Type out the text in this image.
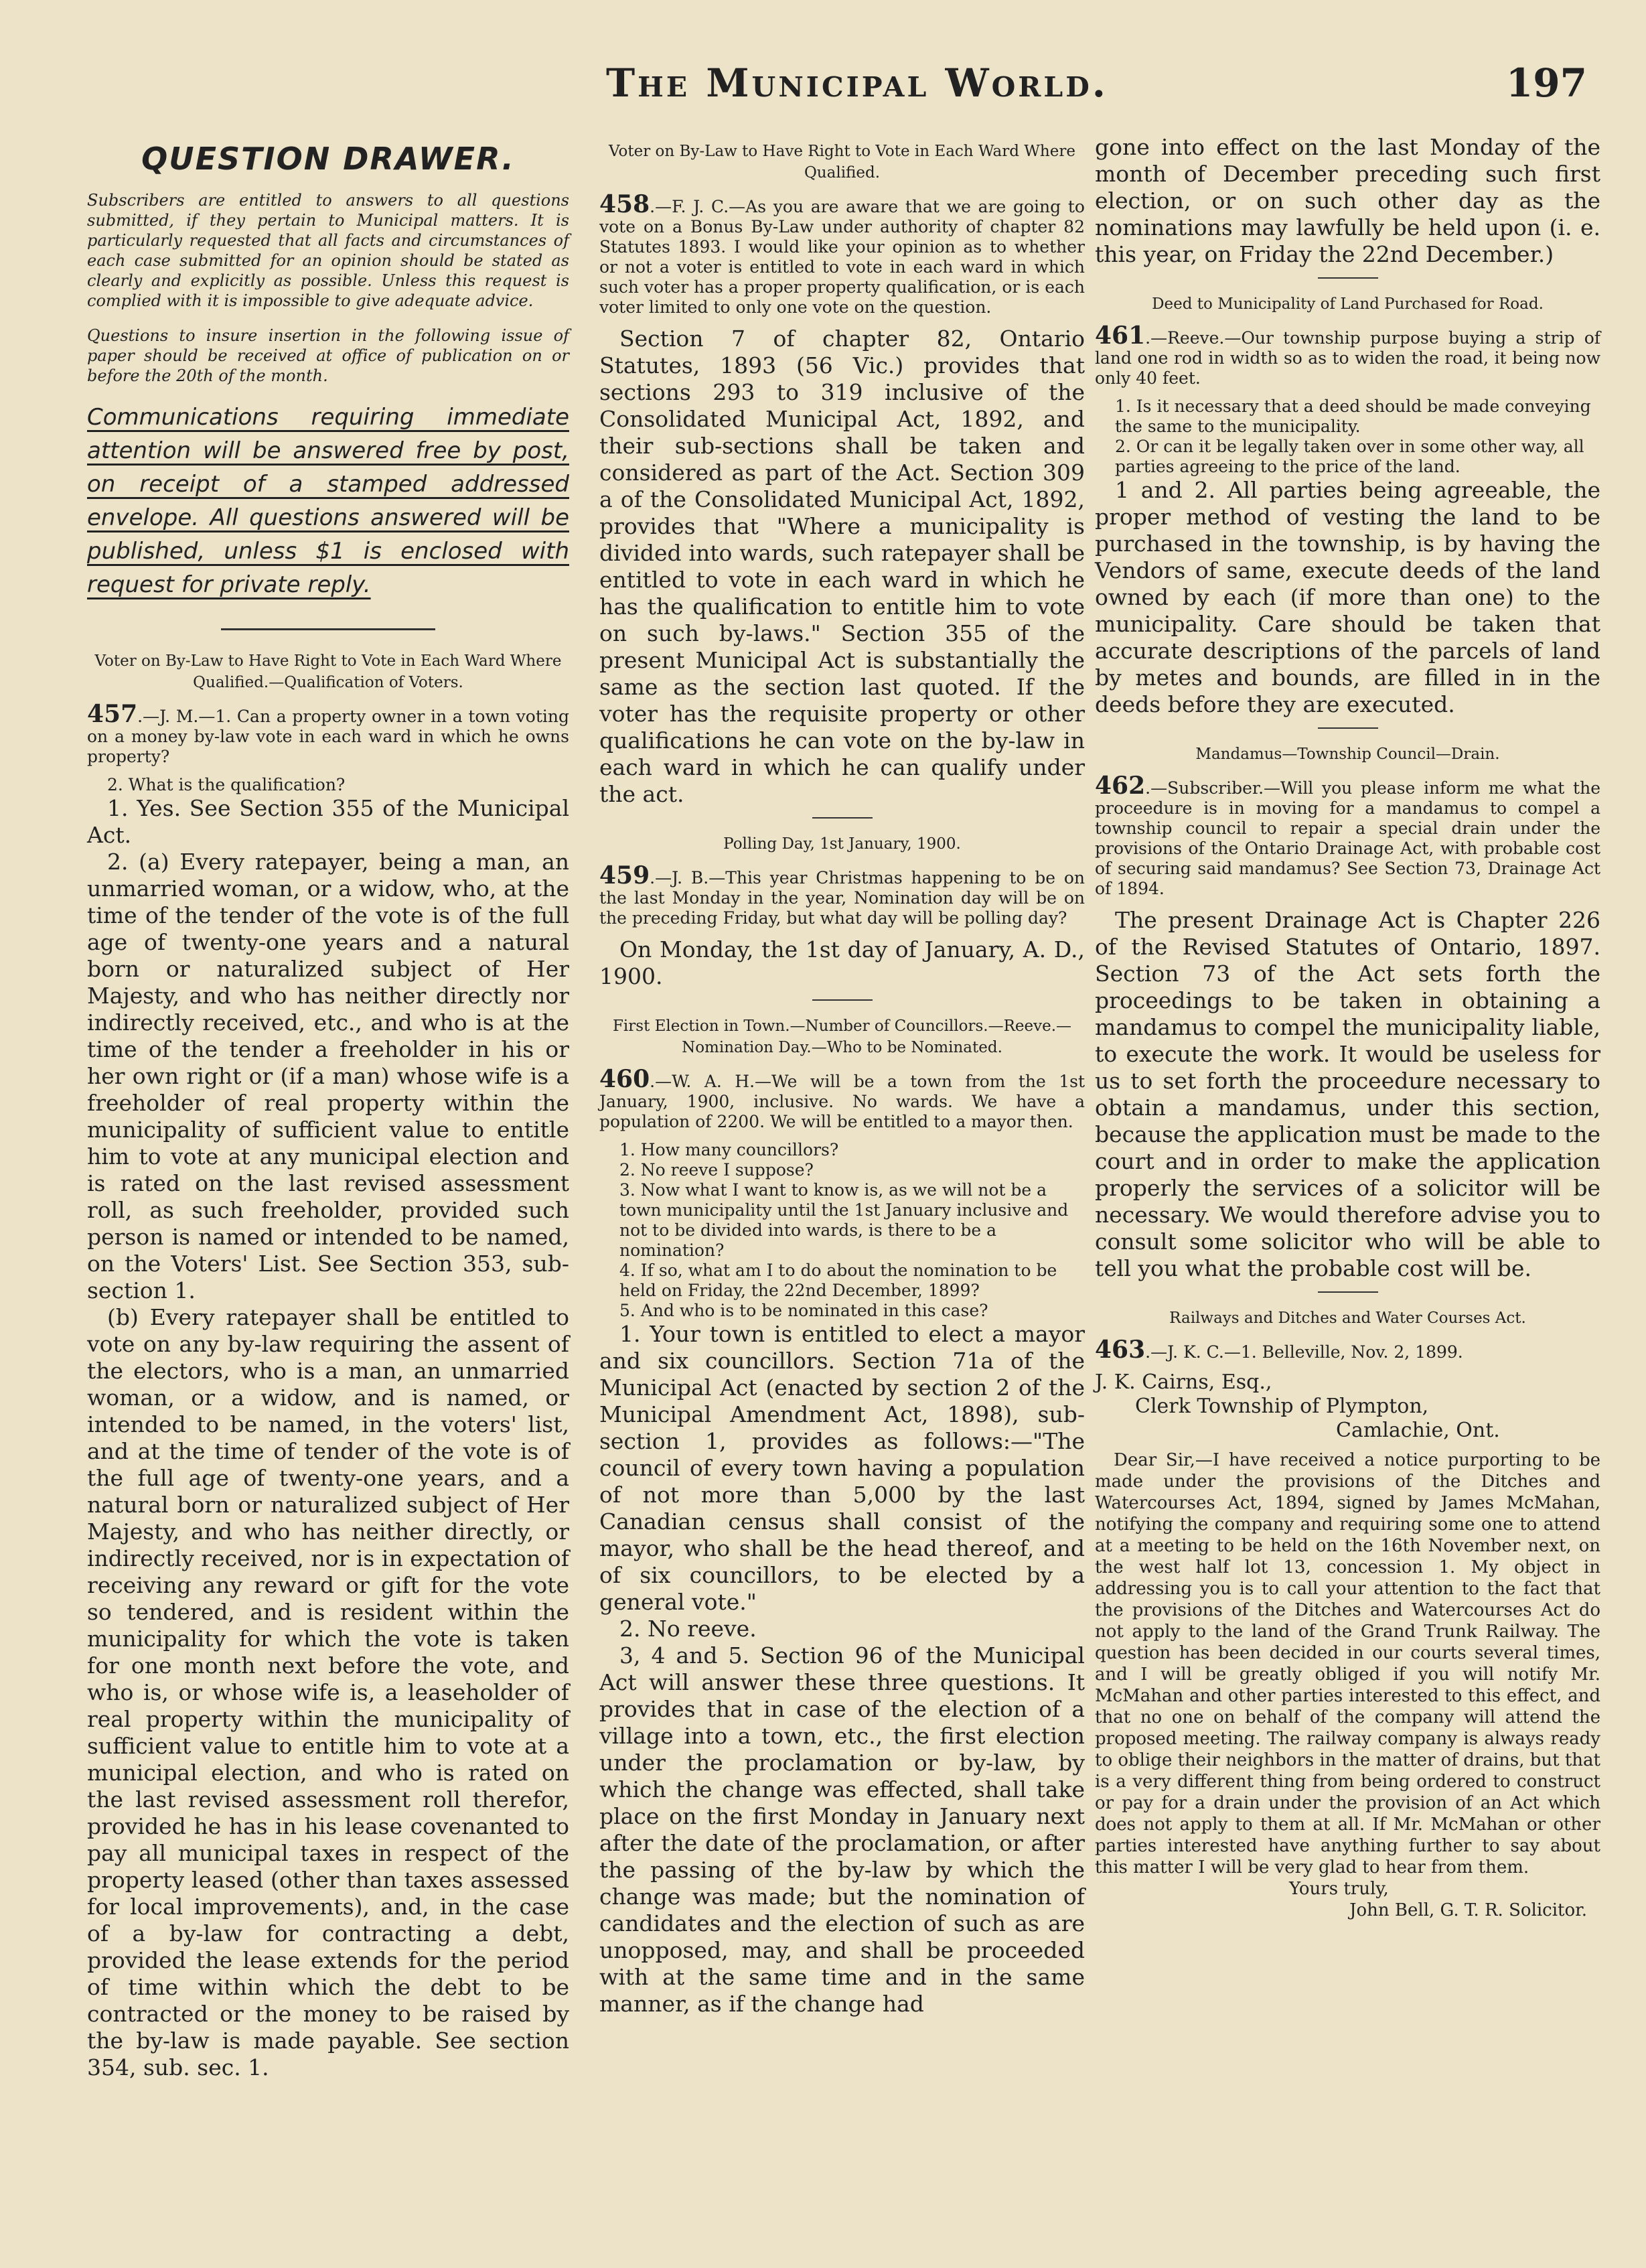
The Municipal World.	197
QUESTION DRAWER.

Subscribers are entitled to answers to all questions submitted, if they pertain to Municipal matters. It is particularly requested that all facts and circumstances of each case submitted for an opinion should be stated as clearly and explicitly as possible. Unless this request is complied with it is impossible to give adequate advice.

Questions to insure insertion in the following issue of paper should be received at office of publication on or before the 20th of the month.

Communications requiring immediate attention will be answered free by post, on receipt of a stamped addressed envelope. All questions answered will be published, unless $1 is enclosed with request for private reply.

Voter on By-Law to Have Right to Vote in Each Ward Where Qualified.—Qualification of Voters.

457.—J. M.—1. Can a property owner in a town voting on a money by-law vote in each ward in which he owns property?

2. What is the qualification?

1. Yes. See Section 355 of the Municipal Act.

2. (a) Every ratepayer, being a man, an unmarried woman, or a widow, who, at the time of the tender of the vote is of the full age of twenty-one years and a natural born or naturalized subject of Her Majesty, and who has neither directly nor indirectly received, etc., and who is at the time of the tender a freeholder in his or her own right or (if a man) whose wife is a freeholder of real property within the municipality of sufficient value to entitle him to vote at any municipal election and is rated on the last revised assessment roll, as such freeholder, provided such person is named or intended to be named, on the Voters' List. See Section 353, sub-section 1.

(b) Every ratepayer shall be entitled to vote on any by-law requiring the assent of the electors, who is a man, an unmarried woman, or a widow, and is named, or intended to be named, in the voters' list, and at the time of tender of the vote is of the full age of twenty-one years, and a natural born or naturalized subject of Her Majesty, and who has neither directly, or indirectly received, nor is in expectation of receiving any reward or gift for the vote so tendered, and is resident within the municipality for which the vote is taken for one month next before the vote, and who is, or whose wife is, a leaseholder of real property within the municipality of sufficient value to entitle him to vote at a municipal election, and who is rated on the last revised assessment roll therefor, provided he has in his lease covenanted to pay all municipal taxes in respect of the property leased (other than taxes assessed for local improvements), and, in the case of a by-law for contracting a debt, provided the lease extends for the period of time within which the debt to be contracted or the money to be raised by the by-law is made payable. See section 354, sub. sec. 1.

Voter on By-Law to Have Right to Vote in Each Ward Where Qualified.

458.—F. J. C.—As you are aware that we are going to vote on a Bonus By-Law under authority of chapter 82 Statutes 1893. I would like your opinion as to whether or not a voter is entitled to vote in each ward in which such voter has a proper property qualification, or is each voter limited to only one vote on the question.

Section 7 of chapter 82, Ontario Statutes, 1893 (56 Vic.) provides that sections 293 to 319 inclusive of the Consolidated Municipal Act, 1892, and their sub-sections shall be taken and considered as part of the Act. Section 309 a of the Consolidated Municipal Act, 1892, provides that "Where a municipality is divided into wards, such ratepayer shall be entitled to vote in each ward in which he has the qualification to entitle him to vote on such by-laws." Section 355 of the present Municipal Act is substantially the same as the section last quoted. If the voter has the requisite property or other qualifications he can vote on the by-law in each ward in which he can qualify under the act.

Polling Day, 1st January, 1900.

459.—J. B.—This year Christmas happening to be on the last Monday in the year, Nomination day will be on the preceding Friday, but what day will be polling day?

On Monday, the 1st day of January, A. D., 1900.

First Election in Town.—Number of Councillors.—Reeve.—Nomination Day.—Who to be Nominated.

460.—W. A. H.—We will be a town from the 1st January, 1900, inclusive. No wards. We have a population of 2200. We will be entitled to a mayor then.

1. How many councillors?

2. No reeve I suppose?

3. Now what I want to know is, as we will not be a town municipality until the 1st January inclusive and not to be divided into wards, is there to be a nomination?

4. If so, what am I to do about the nomination to be held on Friday, the 22nd December, 1899?

5. And who is to be nominated in this case?

1. Your town is entitled to elect a mayor and six councillors. Section 71a of the Municipal Act (enacted by section 2 of the Municipal Amendment Act, 1898), sub-section 1, provides as follows:—"The council of every town having a population of not more than 5,000 by the last Canadian census shall consist of the mayor, who shall be the head thereof, and of six councillors, to be elected by a general vote."

2. No reeve.

3, 4 and 5. Section 96 of the Municipal Act will answer these three questions. It provides that in case of the election of a village into a town, etc., the first election under the proclamation or by-law, by which the change was effected, shall take place on the first Monday in January next after the date of the proclamation, or after the passing of the by-law by which the change was made; but the nomination of candidates and the election of such as are unopposed, may, and shall be proceeded with at the same time and in the same manner, as if the change had

gone into effect on the last Monday of the month of December preceding such first election, or on such other day as the nominations may lawfully be held upon (i. e. this year, on Friday the 22nd December.)

Deed to Municipality of Land Purchased for Road.

461.—Reeve.—Our township purpose buying a strip of land one rod in width so as to widen the road, it being now only 40 feet.

1. Is it necessary that a deed should be made conveying the same to the municipality.

2. Or can it be legally taken over in some other way, all parties agreeing to the price of the land.

1 and 2. All parties being agreeable, the proper method of vesting the land to be purchased in the township, is by having the Vendors of same, execute deeds of the land owned by each (if more than one) to the municipality. Care should be taken that accurate descriptions of the parcels of land by metes and bounds, are filled in in the deeds before they are executed.

Mandamus—Township Council—Drain.

462.—Subscriber.—Will you please inform me what the proceedure is in moving for a mandamus to compel a township council to repair a special drain under the provisions of the Ontario Drainage Act, with probable cost of securing said mandamus? See Section 73, Drainage Act of 1894.

The present Drainage Act is Chapter 226 of the Revised Statutes of Ontario, 1897. Section 73 of the Act sets forth the proceedings to be taken in obtaining a mandamus to compel the municipality liable, to execute the work. It would be useless for us to set forth the proceedure necessary to obtain a mandamus, under this section, because the application must be made to the court and in order to make the application properly the services of a solicitor will be necessary. We would therefore advise you to consult some solicitor who will be able to tell you what the probable cost will be.

Railways and Ditches and Water Courses Act.

463.—J. K. C.—1. Belleville, Nov. 2, 1899.

J. K. Cairns, Esq.,

Clerk Township of Plympton,

Camlachie, Ont.

Dear Sir,—I have received a notice purporting to be made under the provisions of the Ditches and Watercourses Act, 1894, signed by James McMahan, notifying the company and requiring some one to attend at a meeting to be held on the 16th November next, on the west half lot 13, concession 1. My object in addressing you is to call your attention to the fact that the provisions of the Ditches and Watercourses Act do not apply to the land of the Grand Trunk Railway. The question has been decided in our courts several times, and I will be greatly obliged if you will notify Mr. McMahan and other parties interested to this effect, and that no one on behalf of the company will attend the proposed meeting. The railway company is always ready to oblige their neighbors in the matter of drains, but that is a very different thing from being ordered to construct or pay for a drain under the provision of an Act which does not apply to them at all. If Mr. McMahan or other parties interested have anything further to say about this matter I will be very glad to hear from them.

Yours truly,

John Bell, G. T. R. Solicitor.
